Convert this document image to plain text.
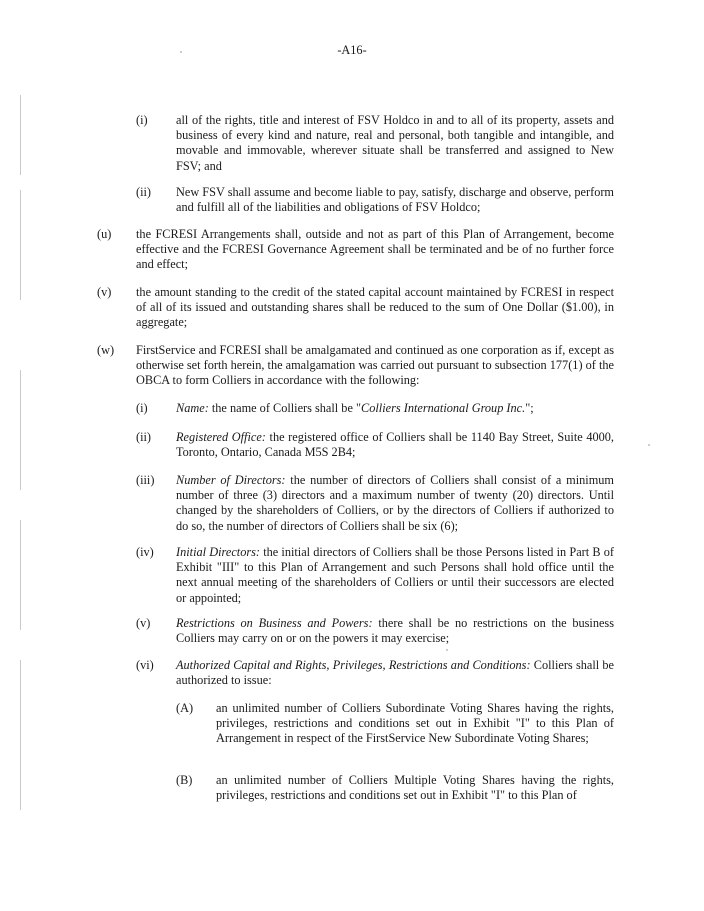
-A16-
(i) all of the rights, title and interest of FSV Holdco in and to all of its property, assets and business of every kind and nature, real and personal, both tangible and intangible, and movable and immovable, wherever situate shall be transferred and assigned to New FSV; and
(ii) New FSV shall assume and become liable to pay, satisfy, discharge and observe, perform and fulfill all of the liabilities and obligations of FSV Holdco;
(u) the FCRESI Arrangements shall, outside and not as part of this Plan of Arrangement, become effective and the FCRESI Governance Agreement shall be terminated and be of no further force and effect;
(v) the amount standing to the credit of the stated capital account maintained by FCRESI in respect of all of its issued and outstanding shares shall be reduced to the sum of One Dollar ($1.00), in aggregate;
(w) FirstService and FCRESI shall be amalgamated and continued as one corporation as if, except as otherwise set forth herein, the amalgamation was carried out pursuant to subsection 177(1) of the OBCA to form Colliers in accordance with the following:
(i) Name: the name of Colliers shall be "Colliers International Group Inc.";
(ii) Registered Office: the registered office of Colliers shall be 1140 Bay Street, Suite 4000, Toronto, Ontario, Canada M5S 2B4;
(iii) Number of Directors: the number of directors of Colliers shall consist of a minimum number of three (3) directors and a maximum number of twenty (20) directors. Until changed by the shareholders of Colliers, or by the directors of Colliers if authorized to do so, the number of directors of Colliers shall be six (6);
(iv) Initial Directors: the initial directors of Colliers shall be those Persons listed in Part B of Exhibit "III" to this Plan of Arrangement and such Persons shall hold office until the next annual meeting of the shareholders of Colliers or until their successors are elected or appointed;
(v) Restrictions on Business and Powers: there shall be no restrictions on the business Colliers may carry on or on the powers it may exercise;
(vi) Authorized Capital and Rights, Privileges, Restrictions and Conditions: Colliers shall be authorized to issue:
(A) an unlimited number of Colliers Subordinate Voting Shares having the rights, privileges, restrictions and conditions set out in Exhibit "I" to this Plan of Arrangement in respect of the FirstService New Subordinate Voting Shares;
(B) an unlimited number of Colliers Multiple Voting Shares having the rights, privileges, restrictions and conditions set out in Exhibit "I" to this Plan of
